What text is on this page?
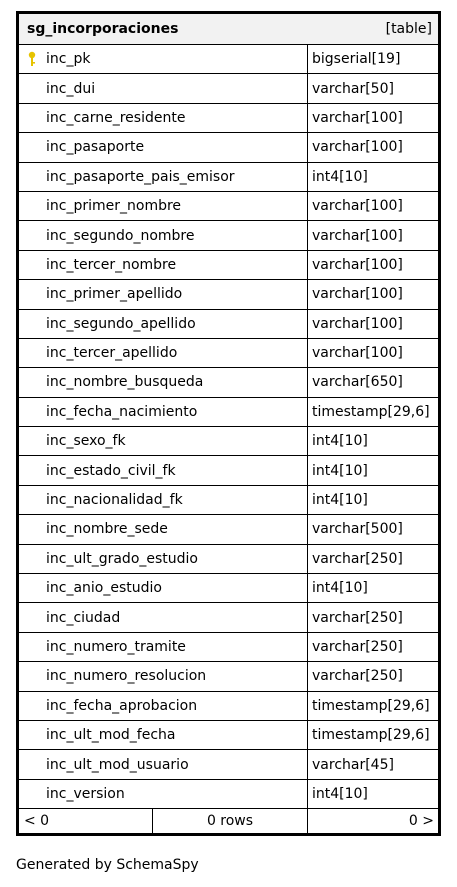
sg_incorporaciones	[table]
inc_pk	bigserial[19]
inc_dui	varchar[50]
inc_carne_residente	varchar[100]
inc_pasaporte	varchar[100]
inc_pasaporte_pais_emisor	int4[10]
inc_primer_nombre	varchar[100]
inc_segundo_nombre	varchar[100]
inc_tercer_nombre	varchar[100]
inc_primer_apellido	varchar[100]
inc_segundo_apellido	varchar[100]
inc_tercer_apellido	varchar[100]
inc_nombre_busqueda	varchar[650]
inc_fecha_nacimiento	timestamp[29,6]
inc_sexo_fk	int4[10]
inc_estado_civil_fk	int4[10]
inc_nacionalidad_fk	int4[10]
inc_nombre_sede	varchar[500]
inc_ult_grado_estudio	varchar[250]
inc_anio_estudio	int4[10]
inc_ciudad	varchar[250]
inc_numero_tramite	varchar[250]
inc_numero_resolucion	varchar[250]
inc_fecha_aprobacion	timestamp[29,6]
inc_ult_mod_fecha	timestamp[29,6]
inc_ult_mod_usuario	varchar[45]
inc_version	int4[10]
< 0	0 rows	0 >
Generated by SchemaSpy
